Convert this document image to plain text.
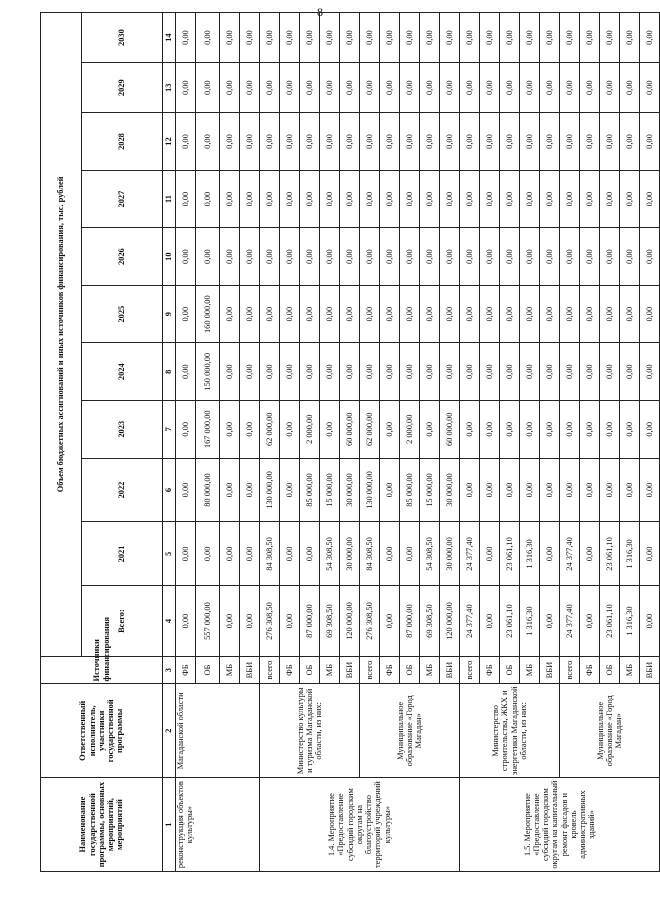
8
Наименование государственной программы, основных мероприятий, мероприятий	Ответственный исполнитель, участники государственной программы	Источники финансирования	Объем бюджетных ассигнований и иных источников финансирования, тыс. рублей										
			Всего:	2021	2022	2023	2024	2025	2026	2027	2028	2029	2030
1	2	3	4	5	6	7	8	9	10	11	12	13	14
реконструкция объектов культуры»	Магаданской области	ФБ	0,00	0,00	0,00	0,00	0,00	0,00	0,00	0,00	0,00	0,00	0,00
		ОБ	557 000,00	0,00	80 000,00	167 000,00	150 000,00	160 000,00	0,00	0,00	0,00	0,00	0,00
		МБ	0,00	0,00	0,00	0,00	0,00	0,00	0,00	0,00	0,00	0,00	0,00
		ВБИ	0,00	0,00	0,00	0,00	0,00	0,00	0,00	0,00	0,00	0,00	0,00
1.4. Мероприятие «Предоставление субсидий городским округам на благоустройство территорий учреждений культуры»	Министерство культуры и туризма Магаданской области, из них:	всего	276 308,50	84 308,50	130 000,00	62 000,00	0,00	0,00	0,00	0,00	0,00	0,00	0,00
		ФБ	0,00	0,00	0,00	0,00	0,00	0,00	0,00	0,00	0,00	0,00	0,00
		ОБ	87 000,00	0,00	85 000,00	2 000,00	0,00	0,00	0,00	0,00	0,00	0,00	0,00
		МБ	69 308,50	54 308,50	15 000,00	0,00	0,00	0,00	0,00	0,00	0,00	0,00	0,00
		ВБИ	120 000,00	30 000,00	30 000,00	60 000,00	0,00	0,00	0,00	0,00	0,00	0,00	0,00
	Муниципальное образование «Город Магадан»	всего	276 308,50	84 308,50	130 000,00	62 000,00	0,00	0,00	0,00	0,00	0,00	0,00	0,00
		ФБ	0,00	0,00	0,00	0,00	0,00	0,00	0,00	0,00	0,00	0,00	0,00
		ОБ	87 000,00	0,00	85 000,00	2 000,00	0,00	0,00	0,00	0,00	0,00	0,00	0,00
		МБ	69 308,50	54 308,50	15 000,00	0,00	0,00	0,00	0,00	0,00	0,00	0,00	0,00
		ВБИ	120 000,00	30 000,00	30 000,00	60 000,00	0,00	0,00	0,00	0,00	0,00	0,00	0,00
1.5. Мероприятие «Предоставление субсидий городским округам на капитальный ремонт фасадов и кровель административных зданий»	Министерство строительства, ЖКХ и энергетики Магаданской области, из них:	всего	24 377,40	24 377,40	0,00	0,00	0,00	0,00	0,00	0,00	0,00	0,00	0,00
		ФБ	0,00	0,00	0,00	0,00	0,00	0,00	0,00	0,00	0,00	0,00	0,00
		ОБ	23 061,10	23 061,10	0,00	0,00	0,00	0,00	0,00	0,00	0,00	0,00	0,00
		МБ	1 316,30	1 316,30	0,00	0,00	0,00	0,00	0,00	0,00	0,00	0,00	0,00
		ВБИ	0,00	0,00	0,00	0,00	0,00	0,00	0,00	0,00	0,00	0,00	0,00
	Муниципальное образование «Город Магадан»	всего	24 377,40	24 377,40	0,00	0,00	0,00	0,00	0,00	0,00	0,00	0,00	0,00
		ФБ	0,00	0,00	0,00	0,00	0,00	0,00	0,00	0,00	0,00	0,00	0,00
		ОБ	23 061,10	23 061,10	0,00	0,00	0,00	0,00	0,00	0,00	0,00	0,00	0,00
		МБ	1 316,30	1 316,30	0,00	0,00	0,00	0,00	0,00	0,00	0,00	0,00	0,00
		ВБИ	0,00	0,00	0,00	0,00	0,00	0,00	0,00	0,00	0,00	0,00	0,00
